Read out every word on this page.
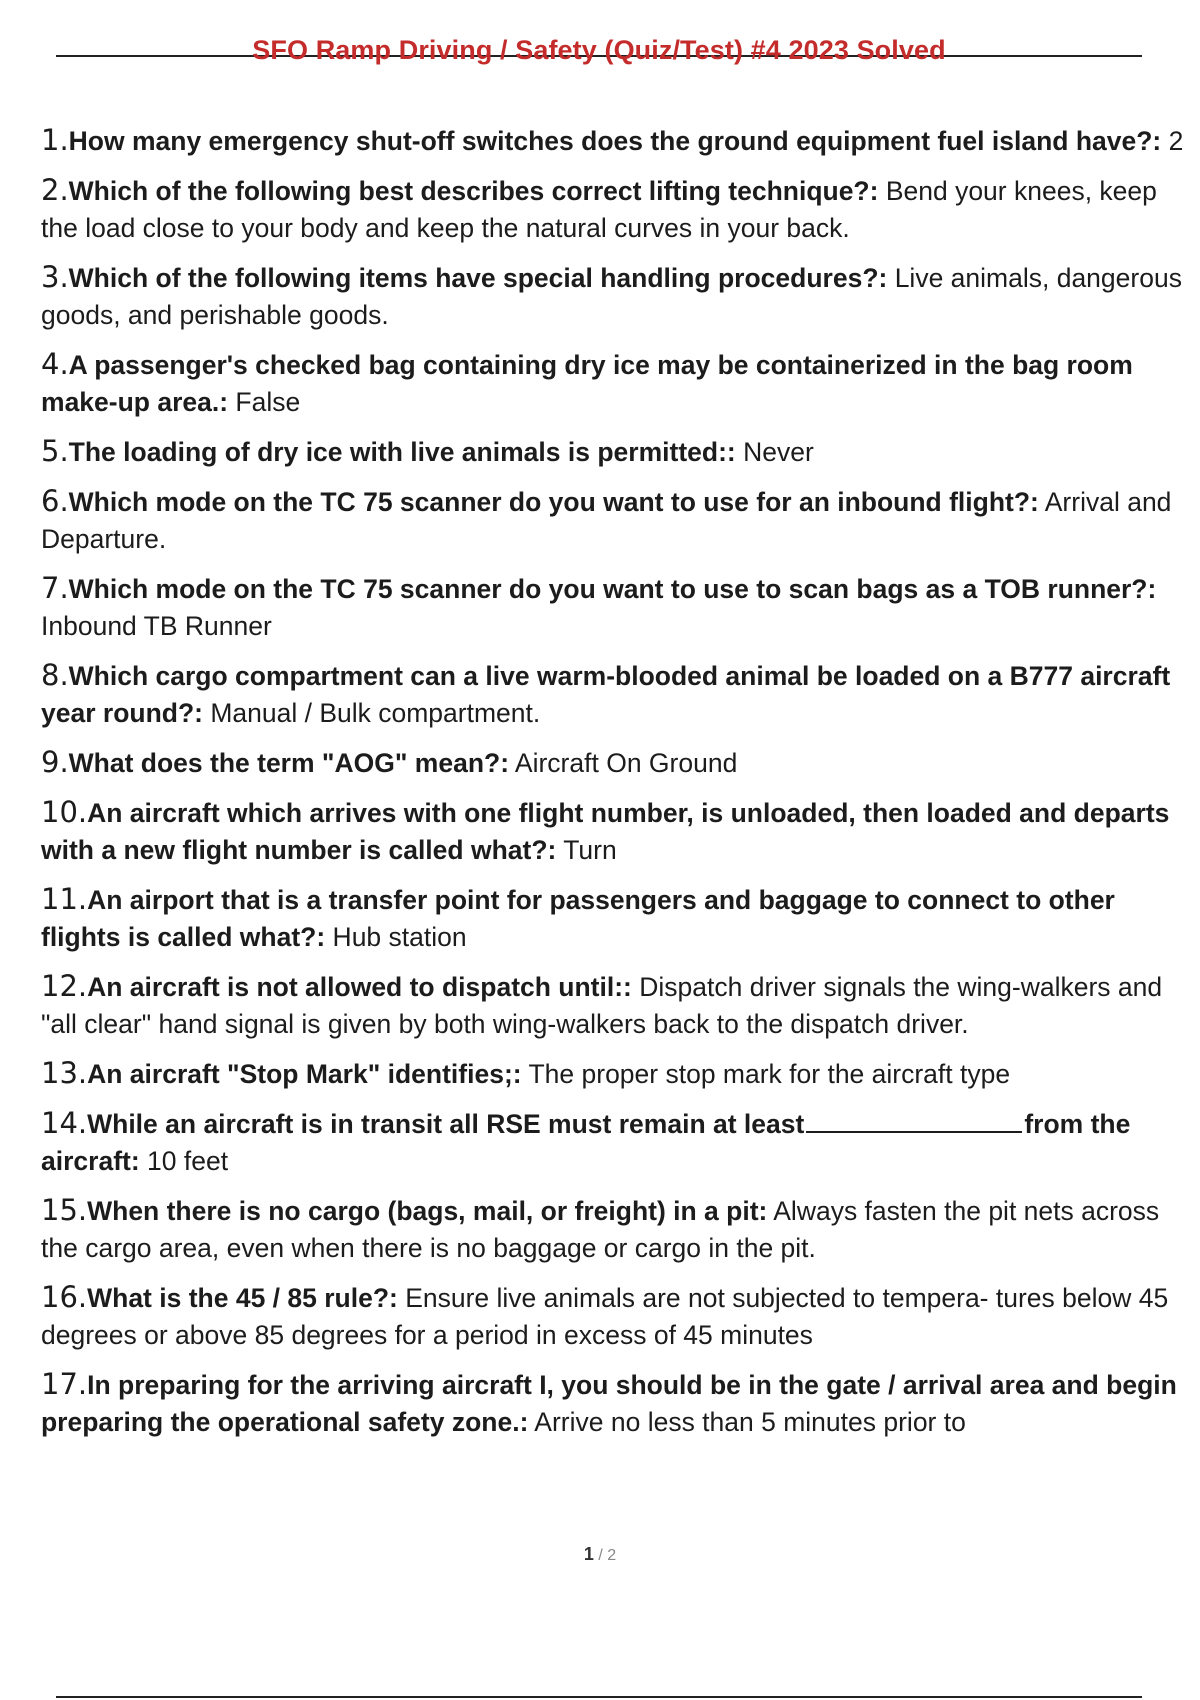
SFO Ramp Driving / Safety (Quiz/Test) #4 2023 Solved
1.How many emergency shut-off switches does the ground equipment fuel island have?: 2
2.Which of the following best describes correct lifting technique?: Bend your knees, keep the load close to your body and keep the natural curves in your back.
3.Which of the following items have special handling procedures?: Live animals, dangerous goods, and perishable goods.
4.A passenger's checked bag containing dry ice may be containerized in the bag room make-up area.: False
5.The loading of dry ice with live animals is permitted:: Never
6.Which mode on the TC 75 scanner do you want to use for an inbound flight?: Arrival and Departure.
7.Which mode on the TC 75 scanner do you want to use to scan bags as a TOB runner?: Inbound TB Runner
8.Which cargo compartment can a live warm-blooded animal be loaded on a B777 aircraft year round?: Manual / Bulk compartment.
9.What does the term "AOG" mean?: Aircraft On Ground
10.An aircraft which arrives with one flight number, is unloaded, then loaded and departs with a new flight number is called what?: Turn
11.An airport that is a transfer point for passengers and baggage to connect to other flights is called what?: Hub station
12.An aircraft is not allowed to dispatch until:: Dispatch driver signals the wing-walkers and "all clear" hand signal is given by both wing-walkers back to the dispatch driver.
13.An aircraft "Stop Mark" identifies;: The proper stop mark for the aircraft type
14.While an aircraft is in transit all RSE must remain at least	from the aircraft: 10 feet
15.When there is no cargo (bags, mail, or freight) in a pit: Always fasten the pit nets across the cargo area, even when there is no baggage or cargo in the pit.
16.What is the 45 / 85 rule?: Ensure live animals are not subjected to tempera- tures below 45 degrees or above 85 degrees for a period in excess of 45 minutes
17.In preparing for the arriving aircraft I, you should be in the gate / arrival area and begin preparing the operational safety zone.: Arrive no less than 5 minutes prior to
1 / 2
